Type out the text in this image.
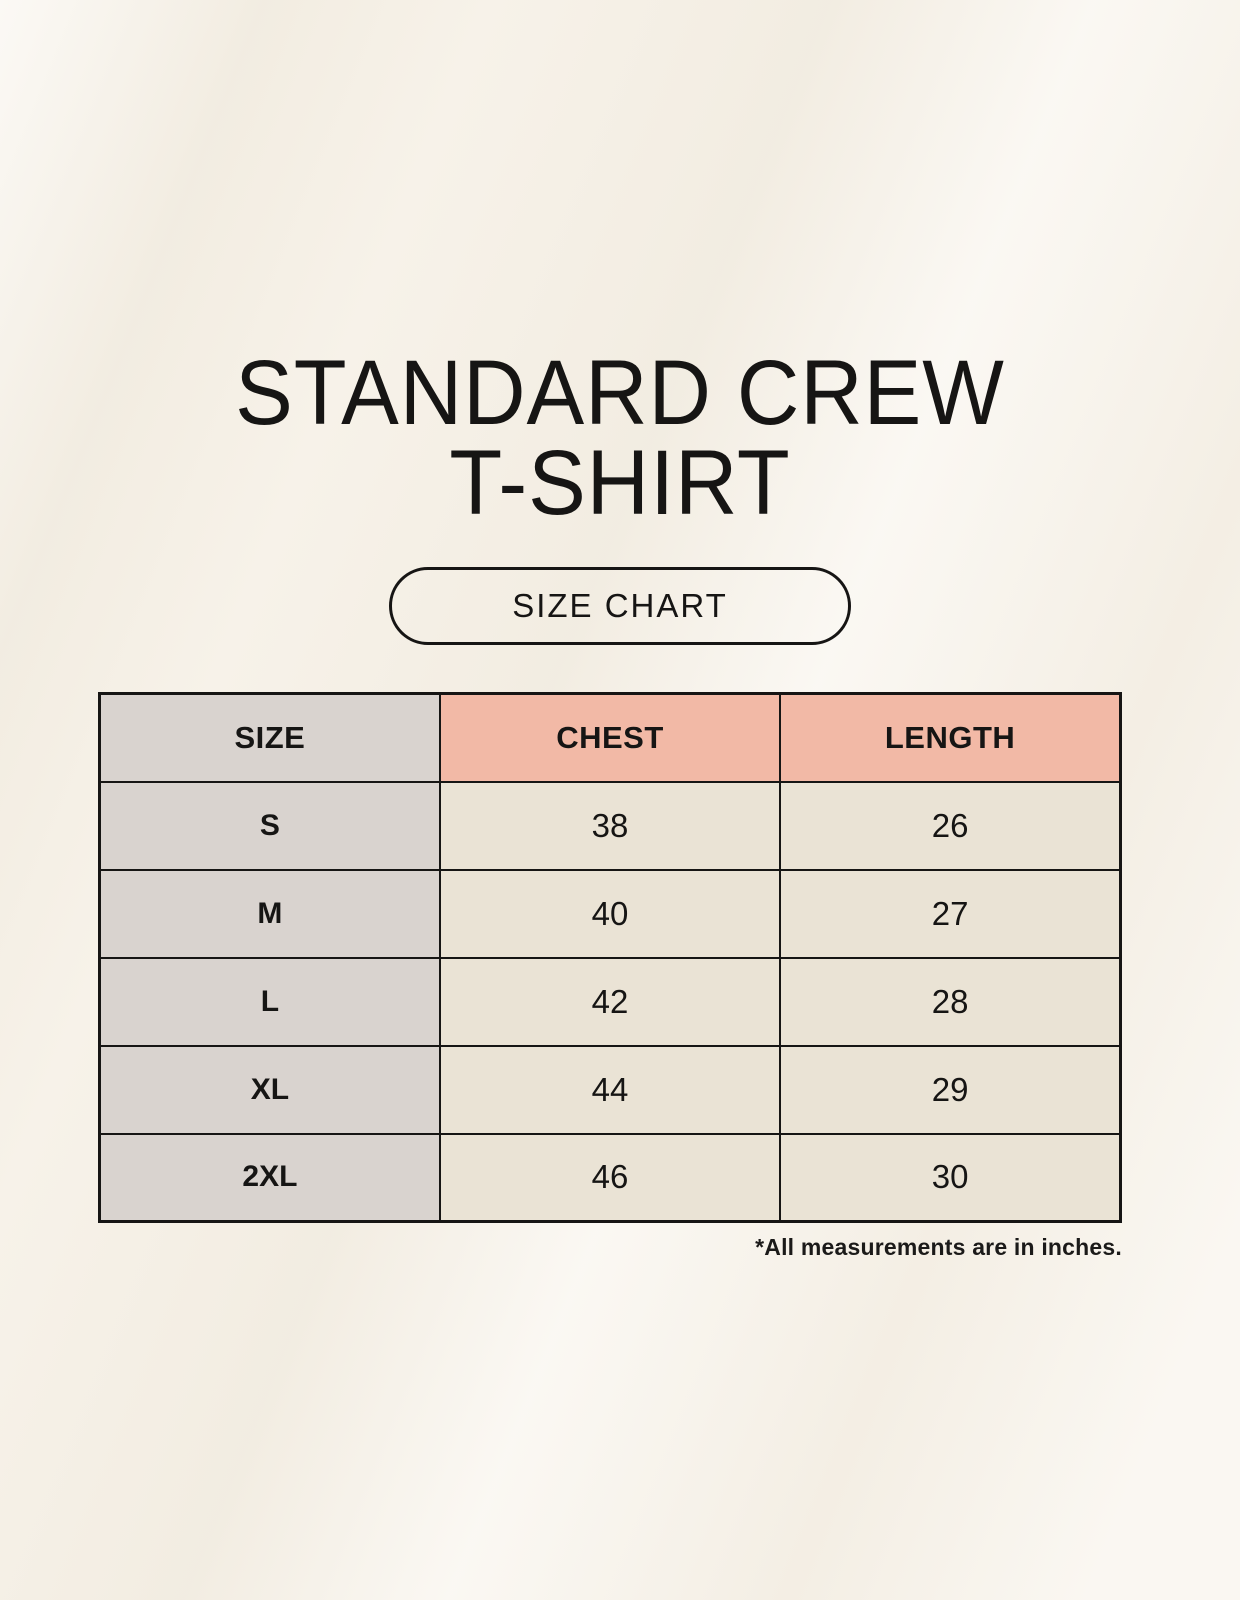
STANDARD CREW
T-SHIRT
SIZE CHART
SIZE	CHEST	LENGTH
S	38	26
M	40	27
L	42	28
XL	44	29
2XL	46	30
*All measurements are in inches.
